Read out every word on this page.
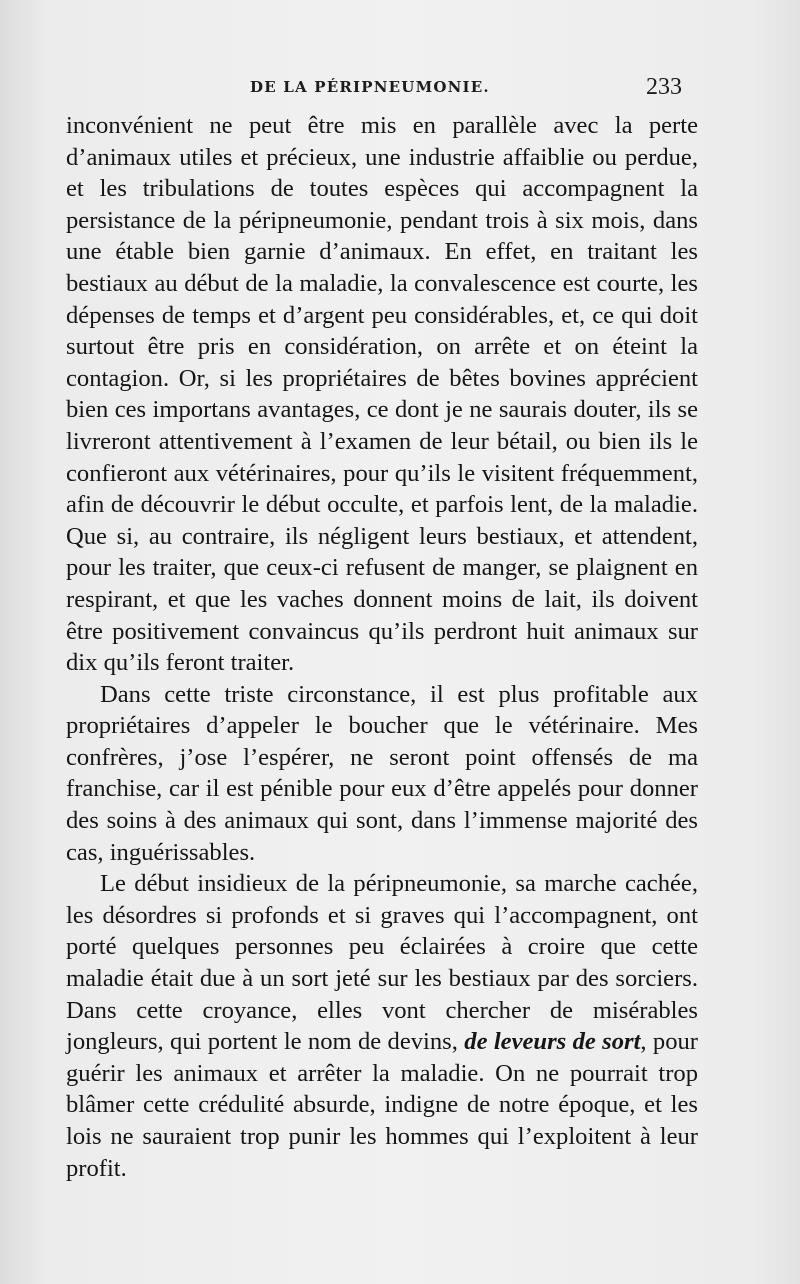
DE LA PÉRIPNEUMONIE.	233

inconvénient ne peut être mis en parallèle avec la perte d’animaux utiles et précieux, une industrie affaiblie ou perdue, et les tribulations de toutes espèces qui accompagnent la persistance de la péripneumonie, pendant trois à six mois, dans une étable bien garnie d’animaux. En effet, en traitant les bestiaux au début de la maladie, la convalescence est courte, les dépenses de temps et d’argent peu considérables, et, ce qui doit surtout être pris en considération, on arrête et on éteint la contagion. Or, si les propriétaires de bêtes bovines apprécient bien ces importans avantages, ce dont je ne saurais douter, ils se livreront attentivement à l’examen de leur bétail, ou bien ils le confieront aux vétérinaires, pour qu’ils le visitent fréquemment, afin de découvrir le début occulte, et parfois lent, de la maladie. Que si, au contraire, ils négligent leurs bestiaux, et attendent, pour les traiter, que ceux-ci refusent de manger, se plaignent en respirant, et que les vaches donnent moins de lait, ils doivent être positivement convaincus qu’ils perdront huit animaux sur dix qu’ils feront traiter.

Dans cette triste circonstance, il est plus profitable aux propriétaires d’appeler le boucher que le vétérinaire. Mes confrères, j’ose l’espérer, ne seront point offensés de ma franchise, car il est pénible pour eux d’être appelés pour donner des soins à des animaux qui sont, dans l’immense majorité des cas, inguérissables.

Le début insidieux de la péripneumonie, sa marche cachée, les désordres si profonds et si graves qui l’accompagnent, ont porté quelques personnes peu éclairées à croire que cette maladie était due à un sort jeté sur les bestiaux par des sorciers. Dans cette croyance, elles vont chercher de misérables jongleurs, qui portent le nom de devins, de leveurs de sort, pour guérir les animaux et arrêter la maladie. On ne pourrait trop blâmer cette crédulité absurde, indigne de notre époque, et les lois ne sauraient trop punir les hommes qui l’exploitent à leur profit.
